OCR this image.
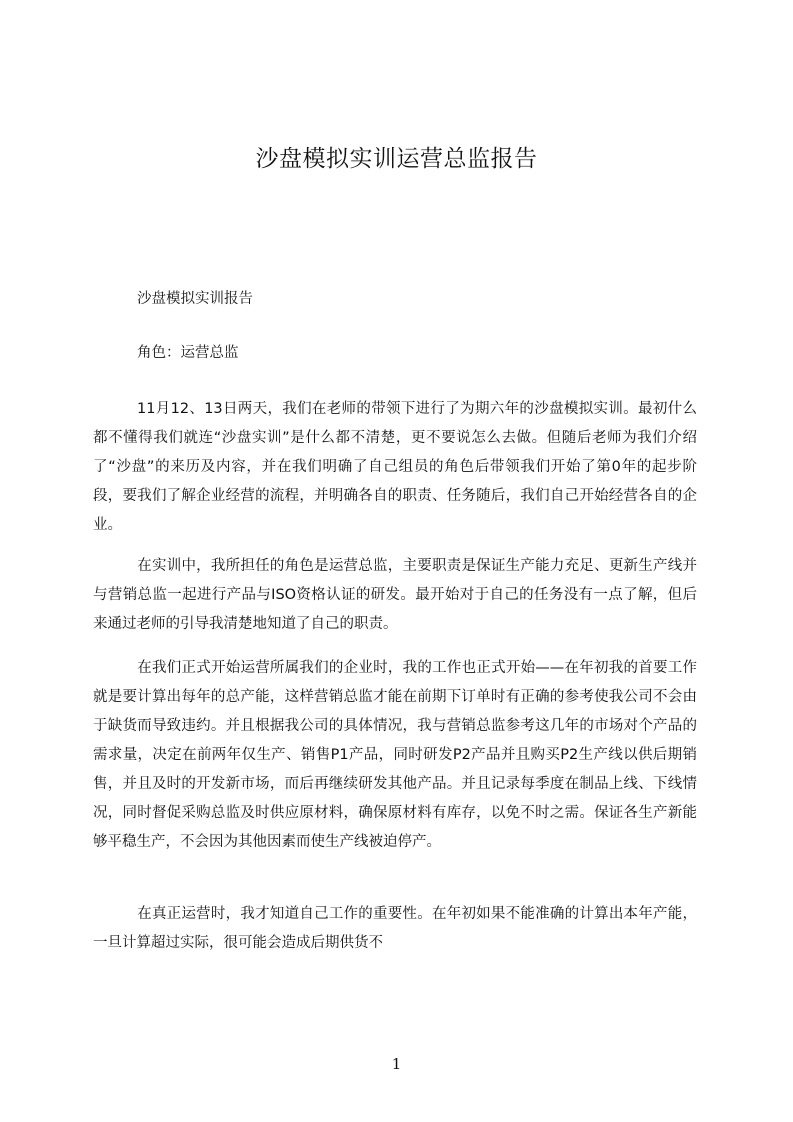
沙盘模拟实训运营总监报告

沙盘模拟实训报告

角色：运营总监

11月12、13日两天，我们在老师的带领下进行了为期六年的沙盘模拟实训。最初什么都不懂得我们就连“沙盘实训”是什么都不清楚，更不要说怎么去做。但随后老师为我们介绍了“沙盘”的来历及内容，并在我们明确了自己组员的角色后带领我们开始了第0年的起步阶段，要我们了解企业经营的流程，并明确各自的职责、任务随后，我们自己开始经营各自的企业。

在实训中，我所担任的角色是运营总监，主要职责是保证生产能力充足、更新生产线并与营销总监一起进行产品与ISO资格认证的研发。最开始对于自己的任务没有一点了解，但后来通过老师的引导我清楚地知道了自己的职责。

在我们正式开始运营所属我们的企业时，我的工作也正式开始——在年初我的首要工作就是要计算出每年的总产能，这样营销总监才能在前期下订单时有正确的参考使我公司不会由于缺货而导致违约。并且根据我公司的具体情况，我与营销总监参考这几年的市场对个产品的需求量，决定在前两年仅生产、销售P1产品，同时研发P2产品并且购买P2生产线以供后期销售，并且及时的开发新市场，而后再继续研发其他产品。并且记录每季度在制品上线、下线情况，同时督促采购总监及时供应原材料，确保原材料有库存，以免不时之需。保证各生产新能够平稳生产，不会因为其他因素而使生产线被迫停产。

在真正运营时，我才知道自己工作的重要性。在年初如果不能准确的计算出本年产能，一旦计算超过实际，很可能会造成后期供货不

1
